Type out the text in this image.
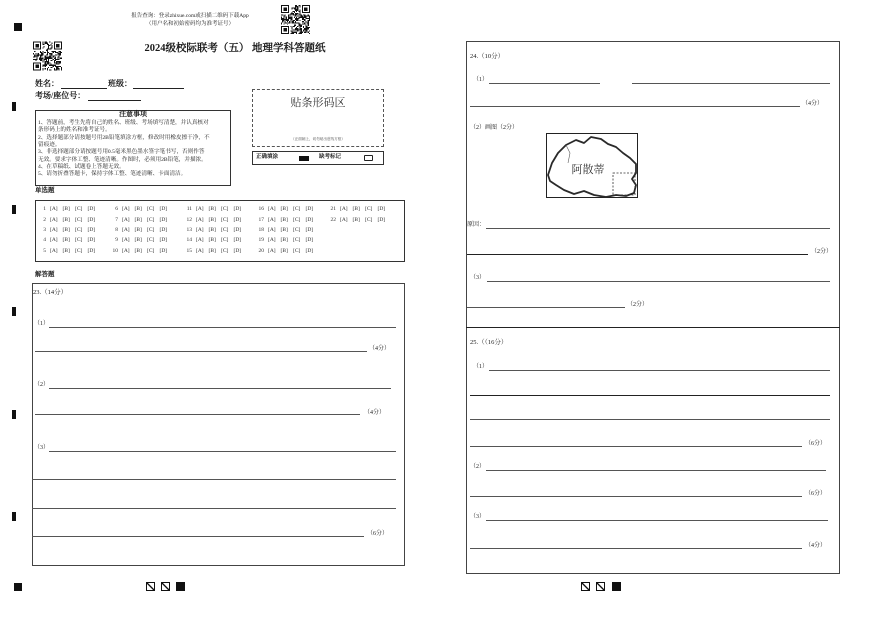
报告查询：登录zhixue.com或扫描二维码下载App
（用户名和初始密码均为准考证号）
2024级校际联考（五） 地理学科答题纸
姓名：	班级：
考场/座位号：
注意事项
1、答题前，考生先将自己的姓名、班级、考场填写清楚，并认真核对
条形码上的姓名和准考证号。
2、选择题部分请按题号用2B铅笔填涂方框，修改时用橡皮擦干净，不
留痕迹。
3、非选择题部分请按题号用0.5毫米黑色墨水签字笔书写，否则作答
无效。要求字体工整、笔迹清晰。作图时，必须用2B铅笔，并描浓。
4、在草稿纸、试题卷上答题无效。
5、请勿折叠答题卡，保持字体工整、笔迹清晰、卡面清洁。
贴条形码区
（正面朝上，切勿贴出虚线方框）
正确填涂	缺考标记
单选题
解答题
23.（14分）
（1）
（4分）
（2）
（4分）
（3）
（6分）
24.（10分）
（1）
（4分）
（2）画图（2分）
阿散蒂
原因：
（2分）
（3）
（2分）
25.（（16分）
（1）
（6分）
（2）
（6分）
（3）
（4分）
1 [A] [B] [C] [D]
2 [A] [B] [C] [D]
3 [A] [B] [C] [D]
4 [A] [B] [C] [D]
5 [A] [B] [C] [D]
6 [A] [B] [C] [D]
7 [A] [B] [C] [D]
8 [A] [B] [C] [D]
9 [A] [B] [C] [D]
10 [A] [B] [C] [D]
11 [A] [B] [C] [D]
12 [A] [B] [C] [D]
13 [A] [B] [C] [D]
14 [A] [B] [C] [D]
15 [A] [B] [C] [D]
16 [A] [B] [C] [D]
17 [A] [B] [C] [D]
18 [A] [B] [C] [D]
19 [A] [B] [C] [D]
20 [A] [B] [C] [D]
21 [A] [B] [C] [D]
22 [A] [B] [C] [D]
